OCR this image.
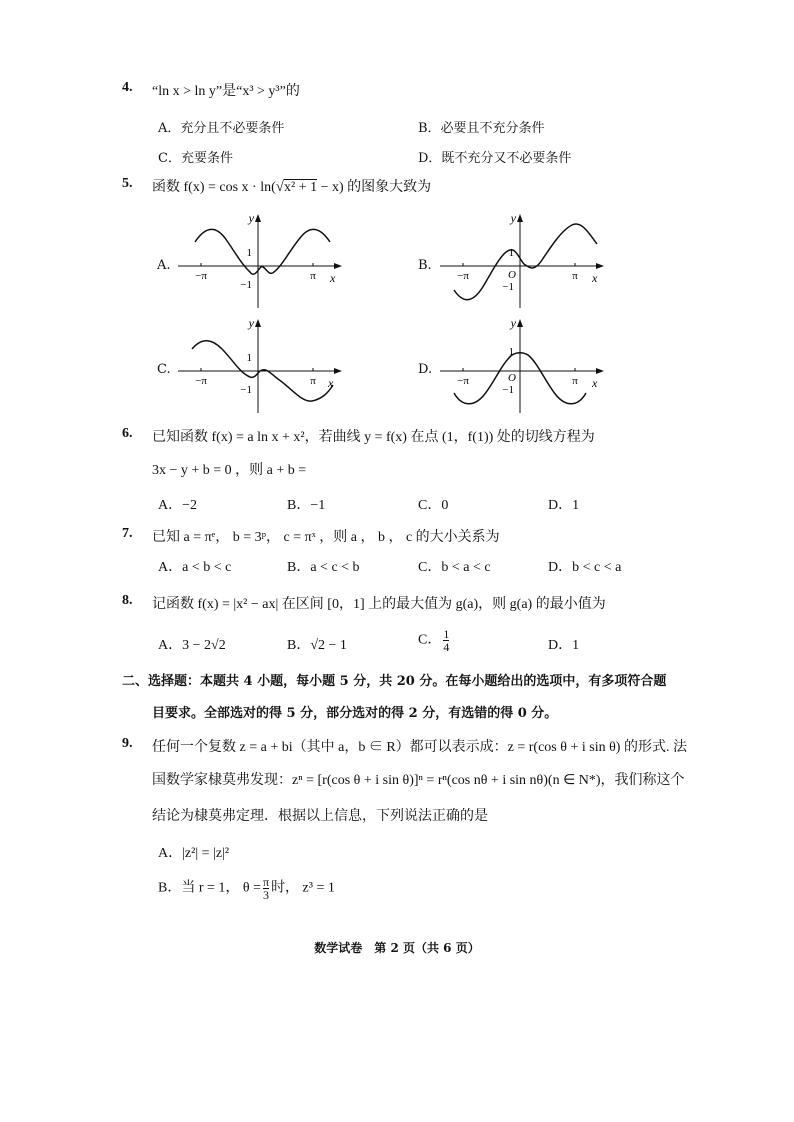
4. “ln x > ln y”是“x³ > y³”的
A．充分且不必要条件	B．必要且不充分条件
C．充要条件	D．既不充分又不必要条件
5. 函数 f(x) = cos x · ln(√x² + 1 − x) 的图象大致为
A.	B.
C.	D.
y
1
−1
−π	π x
y
1
O
−1
−π	π x
y
1
−1
−π	π x
y
1
O
−1
−π	π x
6. 已知函数 f(x) = a ln x + x²，若曲线 y = f(x) 在点 (1，f(1)) 处的切线方程为
3x − y + b = 0 ，则 a + b =
A．−2	B．−1	C．0	D．1
7. 已知 a = πᵉ， b = 3ᵖ， c = πˣ ，则 a ， b ， c 的大小关系为
A．a < b < c	B．a < c < b	C．b < a < c	D．b < c < a
8. 记函数 f(x) = |x² − ax| 在区间 [0，1] 上的最大值为 g(a)，则 g(a) 的最小值为
A．3 − 2√2	B．√2 − 1	C． $\frac{1}{4}$	D．1
二、选择题：本题共 4 小题，每小题 5 分，共 20 分。在每小题给出的选项中，有多项符合题
目要求。全部选对的得 5 分，部分选对的得 2 分，有选错的得 0 分。
9. 任何一个复数 z = a + bi（其中 a，b ∈ R）都可以表示成：z = r(cos θ + i sin θ) 的形式. 法
国数学家棣莫弗发现：zⁿ = [r(cos θ + i sin θ)]ⁿ = rⁿ(cos nθ + i sin nθ)(n ∈ N*)，我们称这个
结论为棣莫弗定理．根据以上信息，下列说法正确的是
A．|z²| = |z|²
B．当 r = 1， $\theta = \frac{\pi}{3}$ 时， z³ = 1
数学试卷　第 2 页（共 6 页）
